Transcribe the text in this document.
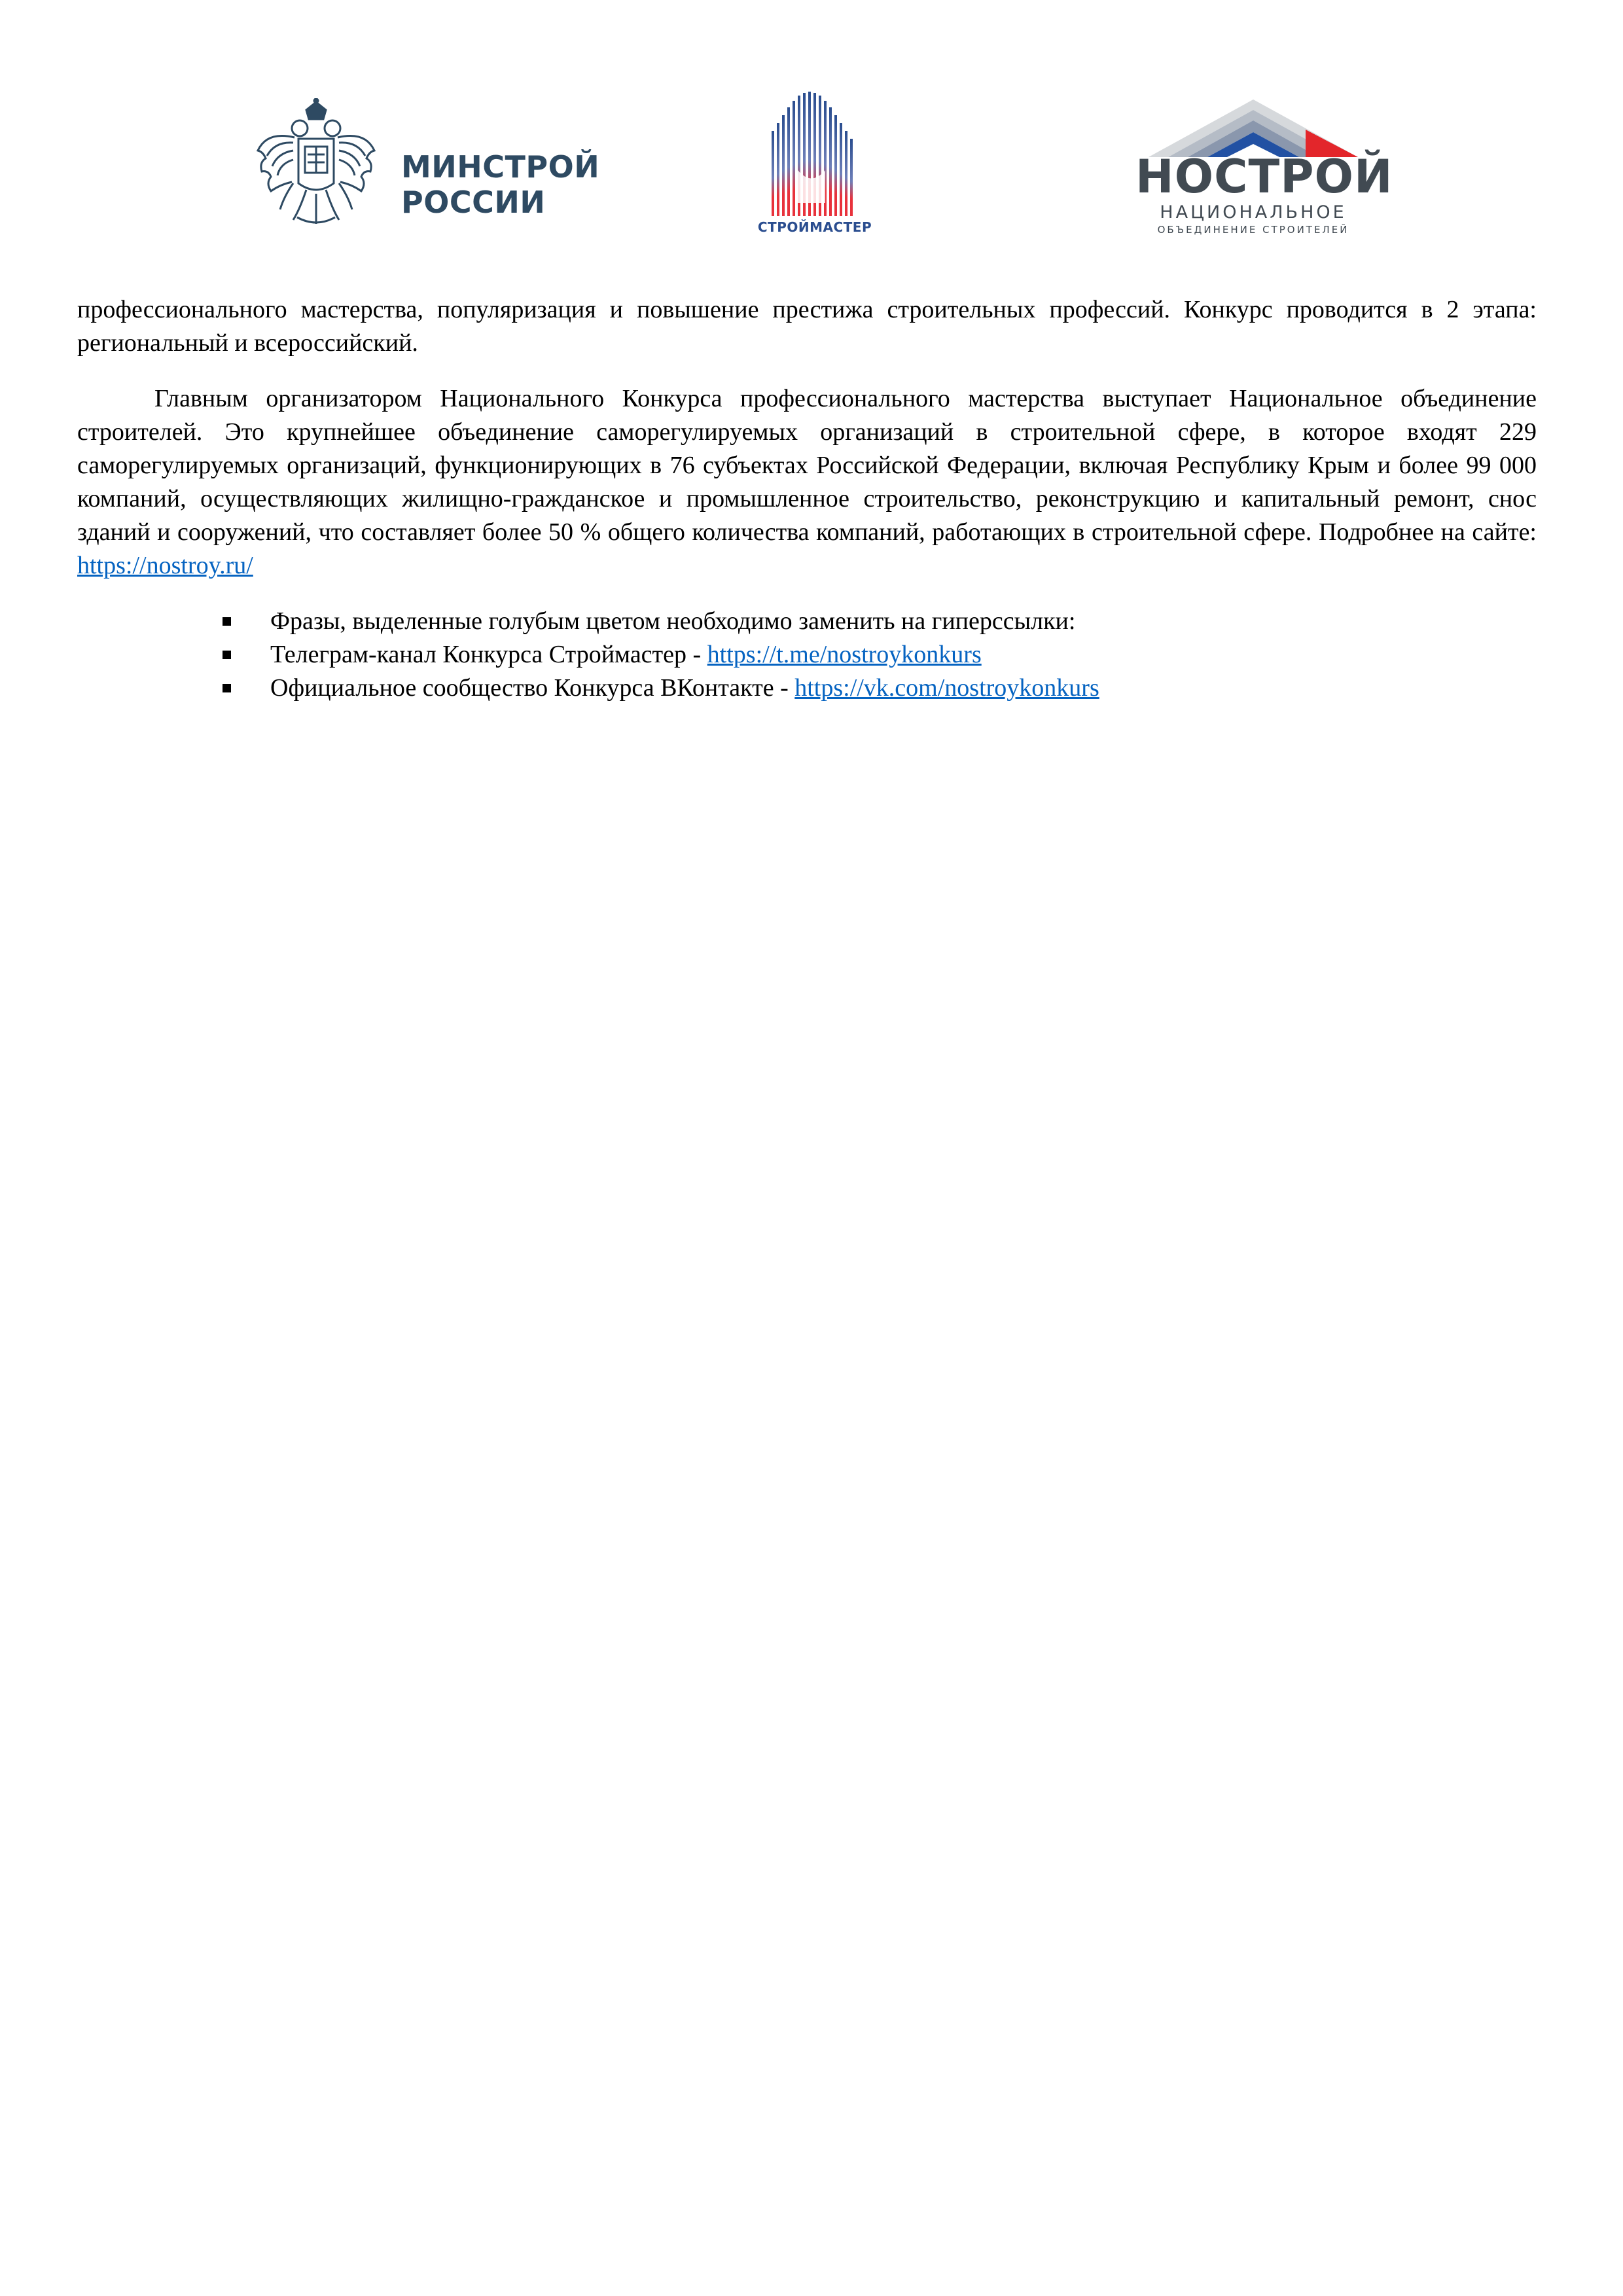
МИНСТРОЙ
РОССИИ
СТРОЙМАСТЕР
НОСТРОЙ
НАЦИОНАЛЬНОЕ
ОБЪЕДИНЕНИЕ СТРОИТЕЛЕЙ

профессионального мастерства, популяризация и повышение престижа строительных профессий. Конкурс проводится в 2 этапа: региональный и всероссийский.

Главным организатором Национального Конкурса профессионального мастерства выступает Национальное объединение строителей. Это крупнейшее объединение саморегулируемых организаций в строительной сфере, в которое входят 229 саморегулируемых организаций, функционирующих в 76 субъектах Российской Федерации, включая Республику Крым и более 99 000 компаний, осуществляющих жилищно-гражданское и промышленное строительство, реконструкцию и капитальный ремонт, снос зданий и сооружений, что составляет более 50 % общего количества компаний, работающих в строительной сфере. Подробнее на сайте: https://nostroy.ru/

Фразы, выделенные голубым цветом необходимо заменить на гиперссылки:
Телеграм-канал Конкурса Строймастер - https://t.me/nostroykonkurs
Официальное сообщество Конкурса ВКонтакте - https://vk.com/nostroykonkurs
